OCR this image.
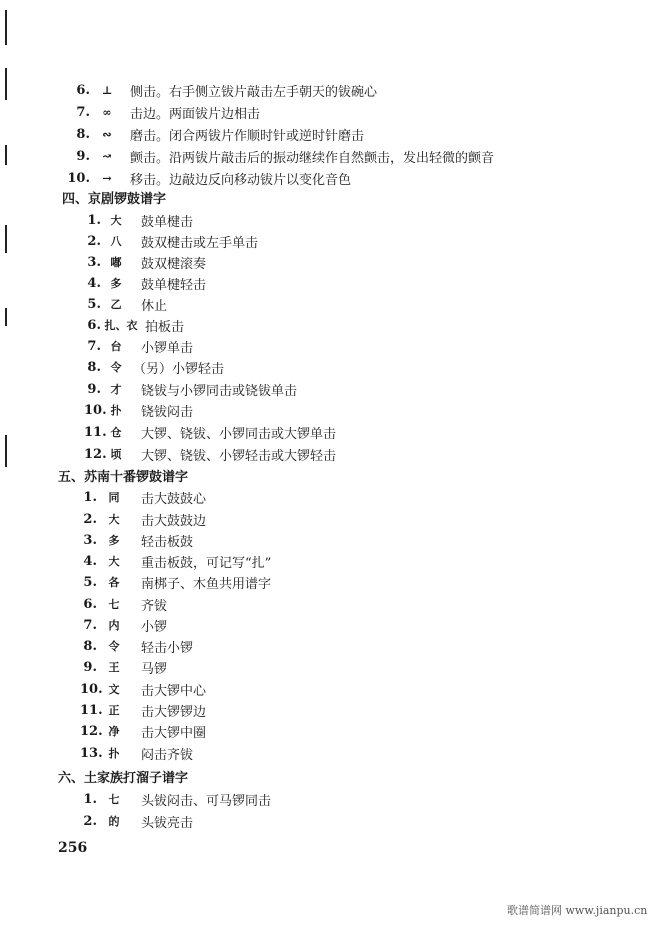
6.	⊥	侧击。右手侧立钹片敲击左手朝天的钹碗心
7.	∞	击边。两面钹片边相击
8.	∾	磨击。闭合两钹片作顺时针或逆时针磨击
9.	↝	颤击。沿两钹片敲击后的振动继续作自然颤击，发出轻微的颤音
10.	→	移击。边敲边反向移动钹片以变化音色
四、京剧锣鼓谱字
1. 大	鼓单楗击
2. 八	鼓双楗击或左手单击
3. 嘟	鼓双楗滚奏
4. 多	鼓单楗轻击
5. 乙	休止
6. 扎、衣 拍板击
7. 台	小锣单击
8. 令 （另）小锣轻击
9. 才	铙钹与小锣同击或铙钹单击
10. 扑	铙钹闷击
11. 仓	大锣、铙钹、小锣同击或大锣单击
12. 顷	大锣、铙钹、小锣轻击或大锣轻击
五、苏南十番锣鼓谱字
1.	同	击大鼓鼓心
2.	大	击大鼓鼓边
3.	多	轻击板鼓
4.	大	重击板鼓，可记写“扎”
5.	各	南梆子、木鱼共用谱字
6.	七	齐钹
7.	内	小锣
8.	令	轻击小锣
9.	王	马锣
10. 文	击大锣中心
11. 正	击大锣锣边
12. 净	击大锣中圈
13. 扑	闷击齐钹
六、土家族打溜子谱字
1.	七	头钹闷击、可马锣同击
2.	的	头钹亮击
256
歌谱简谱网 www.jianpu.cn
